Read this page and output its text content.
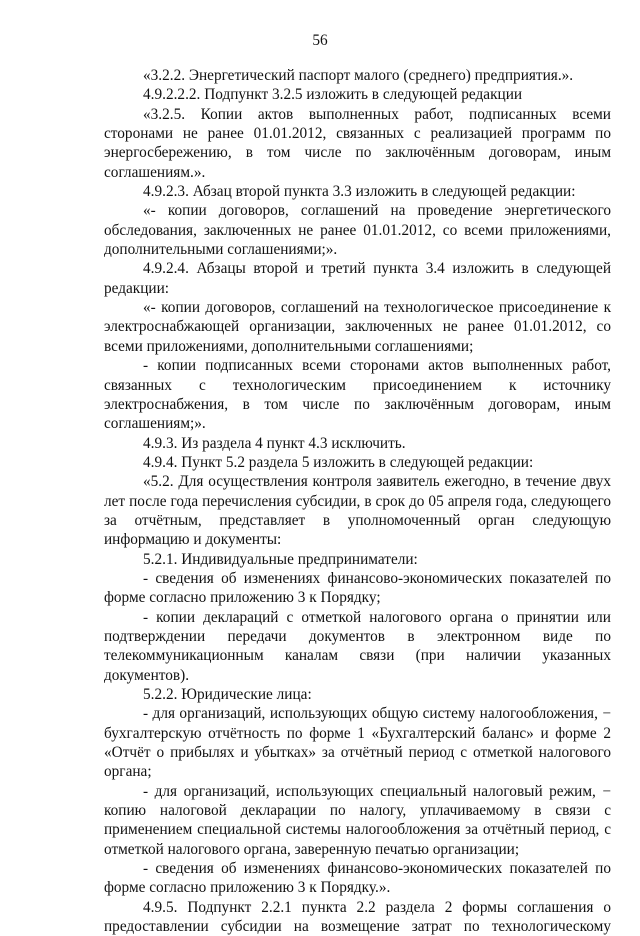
56

«3.2.2. Энергетический паспорт малого (среднего) предприятия.».

4.9.2.2.2. Подпункт 3.2.5 изложить в следующей редакции

«3.2.5. Копии актов выполненных работ, подписанных всеми сторонами не ранее 01.01.2012, связанных с реализацией программ по энергосбережению, в том числе по заключённым договорам, иным соглашениям.».

4.9.2.3. Абзац второй пункта 3.3 изложить в следующей редакции:

«- копии договоров, соглашений на проведение энергетического обследования, заключенных не ранее 01.01.2012, со всеми приложениями, дополнительными соглашениями;».

4.9.2.4. Абзацы второй и третий пункта 3.4 изложить в следующей редакции:

«- копии договоров, соглашений на технологическое присоединение к электроснабжающей организации, заключенных не ранее 01.01.2012, со всеми приложениями, дополнительными соглашениями;

- копии подписанных всеми сторонами актов выполненных работ, связанных с технологическим присоединением к источнику электроснабжения, в том числе по заключённым договорам, иным соглашениям;».

4.9.3. Из раздела 4 пункт 4.3 исключить.

4.9.4. Пункт 5.2 раздела 5 изложить в следующей редакции:

«5.2. Для осуществления контроля заявитель ежегодно, в течение двух лет после года перечисления субсидии, в срок до 05 апреля года, следующего за отчётным, представляет в уполномоченный орган следующую информацию и документы:

5.2.1. Индивидуальные предприниматели:

- сведения об изменениях финансово-экономических показателей по форме согласно приложению 3 к Порядку;

- копии деклараций с отметкой налогового органа о принятии или подтверждении передачи документов в электронном виде по телекоммуникационным каналам связи (при наличии указанных документов).

5.2.2. Юридические лица:

- для организаций, использующих общую систему налогообложения, − бухгалтерскую отчётность по форме 1 «Бухгалтерский баланс» и форме 2 «Отчёт о прибылях и убытках» за отчётный период с отметкой налогового органа;

- для организаций, использующих специальный налоговый режим, − копию налоговой декларации по налогу, уплачиваемому в связи с применением специальной системы налогообложения за отчётный период, с отметкой налогового органа, заверенную печатью организации;

- сведения об изменениях финансово-экономических показателей по форме согласно приложению 3 к Порядку.».

4.9.5. Подпункт 2.2.1 пункта 2.2 раздела 2 формы соглашения о предоставлении субсидии на возмещение затрат по технологическому
